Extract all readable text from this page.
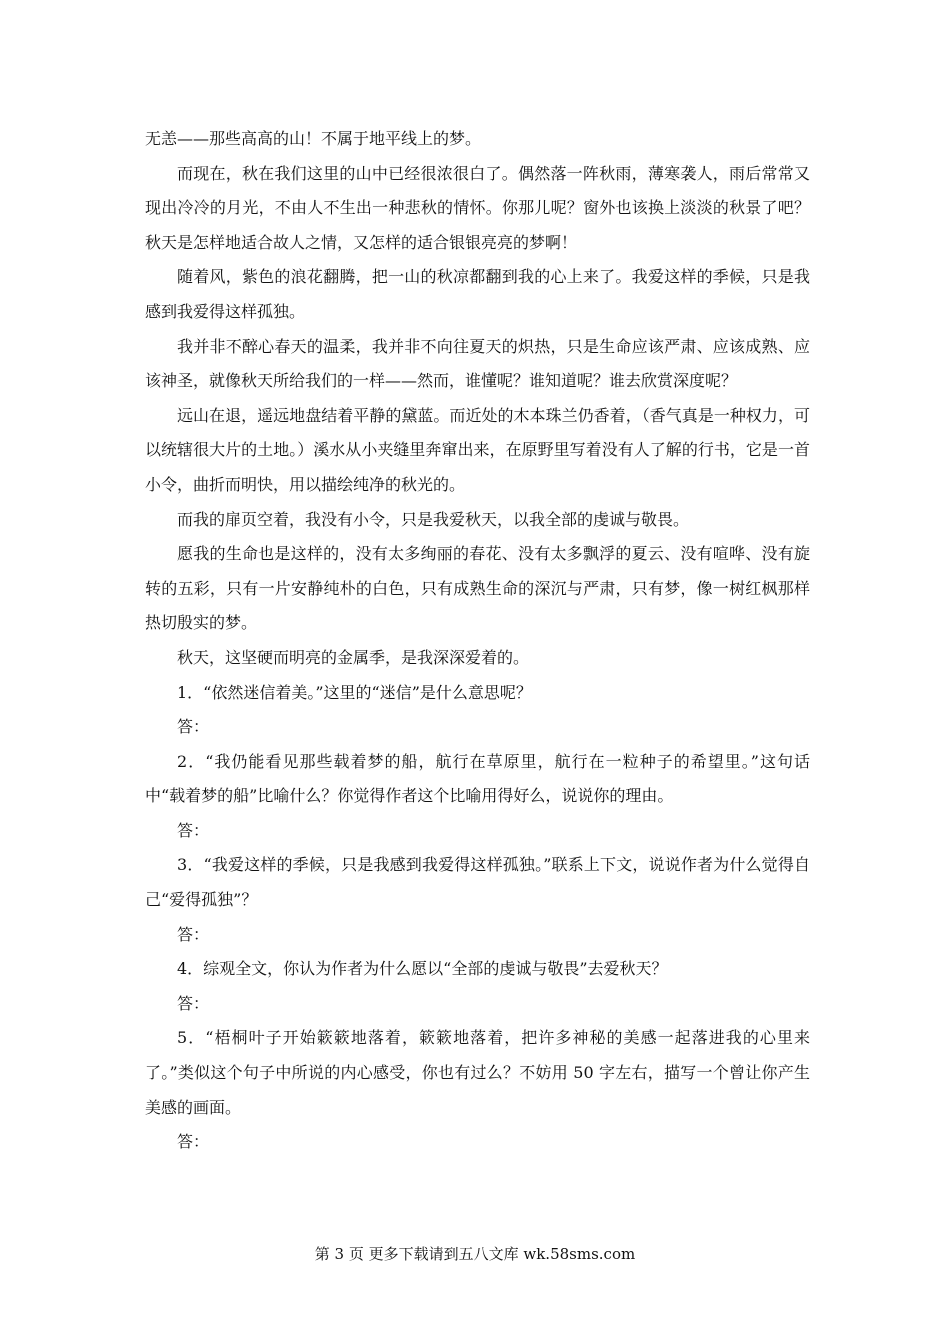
无恙——那些高高的山！不属于地平线上的梦。

而现在，秋在我们这里的山中已经很浓很白了。偶然落一阵秋雨，薄寒袭人，雨后常常又现出冷冷的月光，不由人不生出一种悲秋的情怀。你那儿呢？窗外也该换上淡淡的秋景了吧？秋天是怎样地适合故人之情，又怎样的适合银银亮亮的梦啊！

随着风，紫色的浪花翻腾，把一山的秋凉都翻到我的心上来了。我爱这样的季候，只是我感到我爱得这样孤独。

我并非不醉心春天的温柔，我并非不向往夏天的炽热，只是生命应该严肃、应该成熟、应该神圣，就像秋天所给我们的一样——然而，谁懂呢？谁知道呢？谁去欣赏深度呢？

远山在退，遥远地盘结着平静的黛蓝。而近处的木本珠兰仍香着，（香气真是一种权力，可以统辖很大片的土地。）溪水从小夹缝里奔窜出来，在原野里写着没有人了解的行书，它是一首小令，曲折而明快，用以描绘纯净的秋光的。

而我的扉页空着，我没有小令，只是我爱秋天，以我全部的虔诚与敬畏。

愿我的生命也是这样的，没有太多绚丽的春花、没有太多飘浮的夏云、没有喧哗、没有旋转的五彩，只有一片安静纯朴的白色，只有成熟生命的深沉与严肃，只有梦，像一树红枫那样热切殷实的梦。

秋天，这坚硬而明亮的金属季，是我深深爱着的。

1．“依然迷信着美。”这里的“迷信”是什么意思呢？

答：

2．“我仍能看见那些载着梦的船，航行在草原里，航行在一粒种子的希望里。”这句话中“载着梦的船”比喻什么？你觉得作者这个比喻用得好么，说说你的理由。

答：

3．“我爱这样的季候，只是我感到我爱得这样孤独。”联系上下文，说说作者为什么觉得自己“爱得孤独”？

答：

4．综观全文，你认为作者为什么愿以“全部的虔诚与敬畏”去爱秋天？

答：

5．“梧桐叶子开始簌簌地落着，簌簌地落着，把许多神秘的美感一起落进我的心里来了。”类似这个句子中所说的内心感受，你也有过么？不妨用 50 字左右，描写一个曾让你产生美感的画面。

答：

第 3 页 更多下载请到五八文库 wk.58sms.com
